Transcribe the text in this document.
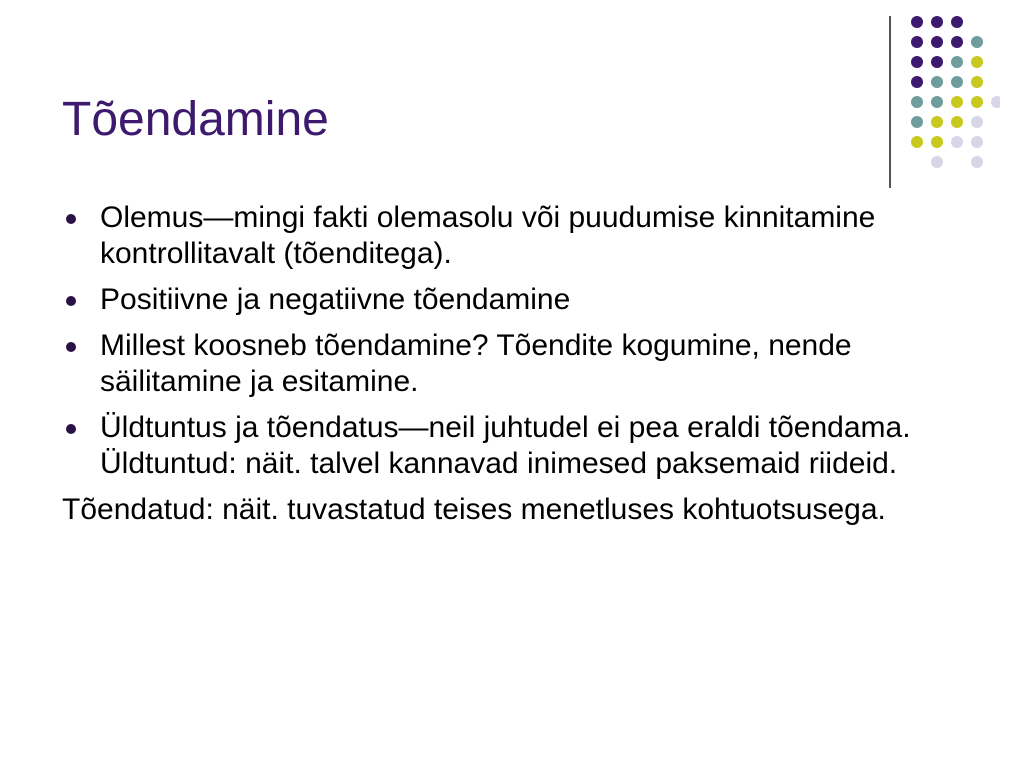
Tõendamine
Olemus—mingi fakti olemasolu või puudumise kinnitamine kontrollitavalt (tõenditega).
Positiivne ja negatiivne tõendamine
Millest koosneb tõendamine? Tõendite kogumine, nende säilitamine ja esitamine.
Üldtuntus ja tõendatus—neil juhtudel ei pea eraldi tõendama. Üldtuntud: näit. talvel kannavad inimesed paksemaid riideid.
Tõendatud: näit. tuvastatud teises menetluses kohtuotsusega.
